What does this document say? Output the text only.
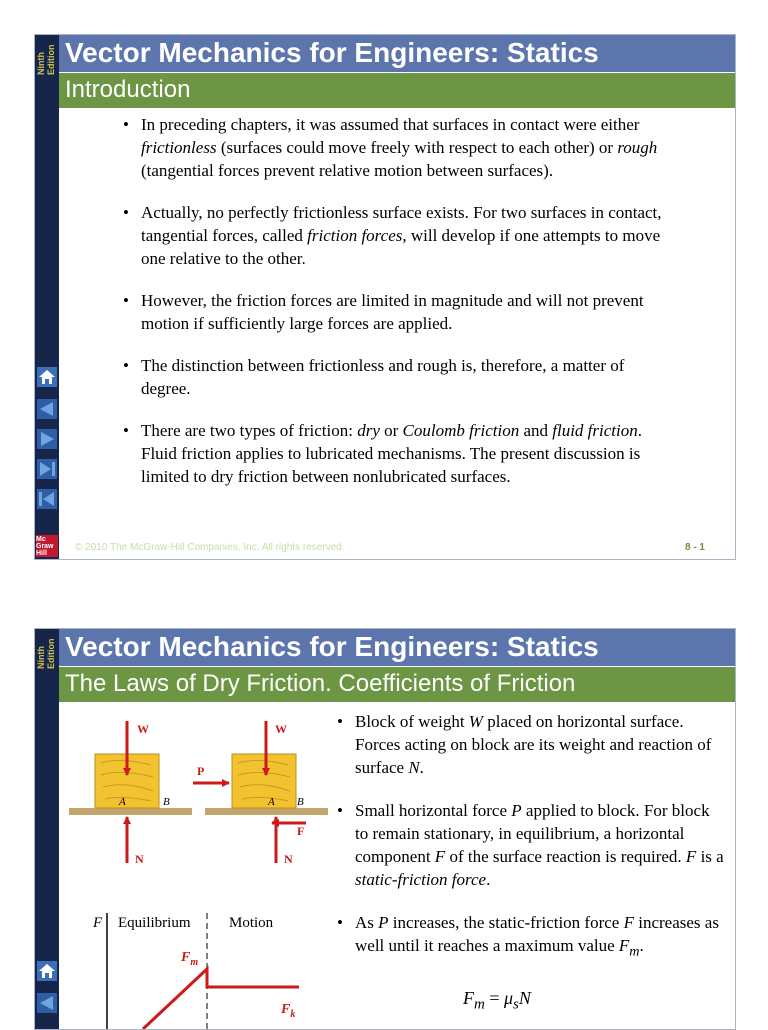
Ninth Edition
Mc
Graw
Hill
Vector Mechanics for Engineers: Statics
Introduction
• In preceding chapters, it was assumed that surfaces in contact were either frictionless (surfaces could move freely with respect to each other) or rough (tangential forces prevent relative motion between surfaces).
• Actually, no perfectly frictionless surface exists. For two surfaces in contact, tangential forces, called friction forces, will develop if one attempts to move one relative to the other.
• However, the friction forces are limited in magnitude and will not prevent motion if sufficiently large forces are applied.
• The distinction between frictionless and rough is, therefore, a matter of degree.
• There are two types of friction: dry or Coulomb friction and fluid friction. Fluid friction applies to lubricated mechanisms. The present discussion is limited to dry friction between nonlubricated surfaces.
© 2010 The McGraw-Hill Companies, Inc. All rights reserved.	8 - 1
Ninth Edition Vector Mechanics for Engineers: Statics
The Laws of Dry Friction. Coefficients of Friction
W
N
A	B
W
P
F
N
A B
F Equilibrium	Motion
$F_m$
$F_k$
• Block of weight W placed on horizontal surface. Forces acting on block are its weight and reaction of surface N.
• Small horizontal force P applied to block. For block to remain stationary, in equilibrium, a horizontal component F of the surface reaction is required. F is a static-friction force.
• As P increases, the static-friction force F increases as well until it reaches a maximum value $F_m$.
$F_m = \mu_sN$
